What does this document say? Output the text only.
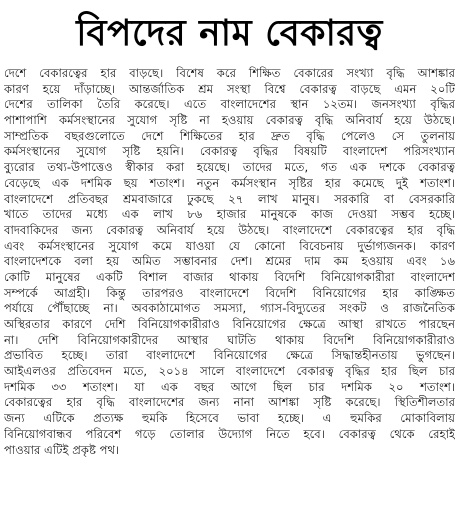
বিপদের নাম বেকারত্ব
দেশে বেকারত্বের হার বাড়ছে। বিশেষ করে শিক্ষিত বেকারের সংখ্যা বৃদ্ধি আশঙ্কার
কারণ হয়ে দাঁড়াচ্ছে। আন্তর্জাতিক শ্রম সংস্থা বিশ্বে বেকারত্ব বাড়ছে এমন ২০টি
দেশের তালিকা তৈরি করেছে। এতে বাংলাদেশের স্থান ১২তম। জনসংখ্যা বৃদ্ধির
পাশাপাশি কর্মসংস্থানের সুযোগ সৃষ্টি না হওয়ায় বেকারত্ব বৃদ্ধি অনিবার্য হয়ে উঠছে।
সাম্প্রতিক বছরগুলোতে দেশে শিক্ষিতের হার দ্রুত বৃদ্ধি পেলেও সে তুলনায়
কর্মসংস্থানের সুযোগ সৃষ্টি হয়নি। বেকারত্ব বৃদ্ধির বিষয়টি বাংলাদেশ পরিসংখ্যান
ব্যুরোর তথ্য-উপাত্তেও স্বীকার করা হয়েছে। তাদের মতে, গত এক দশকে বেকারত্ব
বেড়েছে এক দশমিক ছয় শতাংশ। নতুন কর্মসংস্থান সৃষ্টির হার কমেছে দুই শতাংশ।
বাংলাদেশে প্রতিবছর শ্রমবাজারে ঢুকছে ২৭ লাখ মানুষ। সরকারি বা বেসরকারি
খাতে তাদের মধ্যে এক লাখ ৮৬ হাজার মানুষকে কাজ দেওয়া সম্ভব হচ্ছে।
বাদবাকিদের জন্য বেকারত্ব অনিবার্য হয়ে উঠছে। বাংলাদেশে বেকারত্বের হার বৃদ্ধি
এবং কর্মসংস্থানের সুযোগ কমে যাওয়া যে কোনো বিবেচনায় দুর্ভাগ্যজনক। কারণ
বাংলাদেশকে বলা হয় অমিত সম্ভাবনার দেশ। শ্রমের দাম কম হওয়ায় এবং ১৬
কোটি মানুষের একটি বিশাল বাজার থাকায় বিদেশি বিনিয়োগকারীরা বাংলাদেশ
সম্পর্কে আগ্রহী। কিন্তু তারপরও বাংলাদেশে বিদেশি বিনিয়োগের হার কাঙ্ক্ষিত
পর্যায়ে পৌঁছাচ্ছে না। অবকাঠামোগত সমস্যা, গ্যাস-বিদ্যুতের সংকট ও রাজনৈতিক
অস্থিরতার কারণে দেশি বিনিয়োগকারীরাও বিনিয়োগের ক্ষেত্রে আস্থা রাখতে পারছেন
না। দেশি বিনিয়োগকারীদের আস্থার ঘাটতি থাকায় বিদেশি বিনিয়োগকারীরাও
প্রভাবিত হচ্ছে। তারা বাংলাদেশে বিনিয়োগের ক্ষেত্রে সিদ্ধান্তহীনতায় ভুগছেন।
আইএলওর প্রতিবেদন মতে, ২০১৪ সালে বাংলাদেশে বেকারত্ব বৃদ্ধির হার ছিল চার
দশমিক ৩৩ শতাংশ। যা এক বছর আগে ছিল চার দশমিক ২০ শতাংশ।
বেকারত্বের হার বৃদ্ধি বাংলাদেশের জন্য নানা আশঙ্কা সৃষ্টি করেছে। স্থিতিশীলতার
জন্য এটিকে প্রত্যক্ষ হুমকি হিসেবে ভাবা হচ্ছে। এ হুমকির মোকাবিলায়
বিনিয়োগবান্ধব পরিবেশ গড়ে তোলার উদ্যোগ নিতে হবে। বেকারত্ব থেকে রেহাই
পাওয়ার এটিই প্রকৃষ্ট পথ।
